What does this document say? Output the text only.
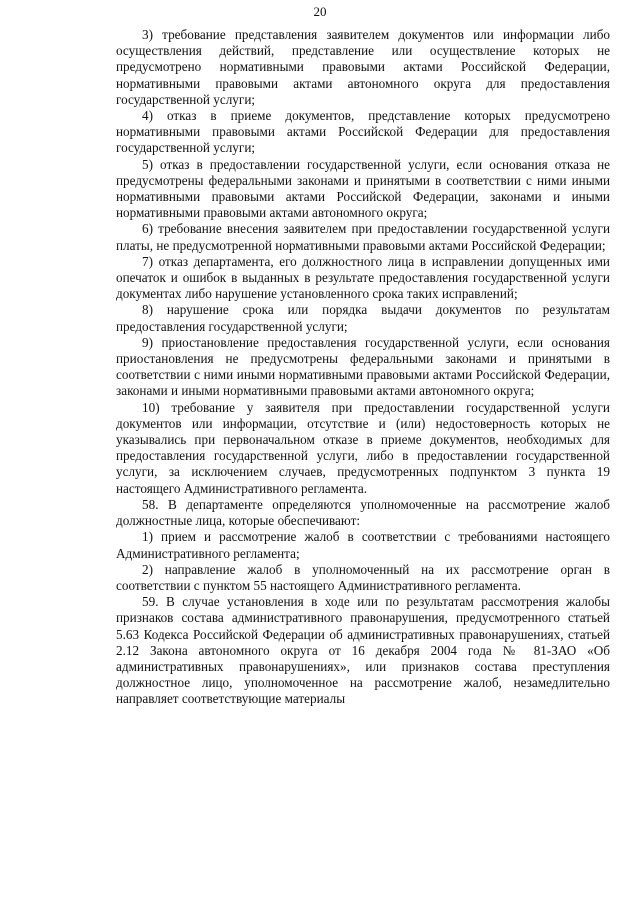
20

3) требование представления заявителем документов или информации либо осуществления действий, представление или осуществление которых не предусмотрено нормативными правовыми актами Российской Федерации, нормативными правовыми актами автономного округа для предоставления государственной услуги;

4) отказ в приеме документов, представление которых предусмотрено нормативными правовыми актами Российской Федерации для предоставления государственной услуги;

5) отказ в предоставлении государственной услуги, если основания отказа не предусмотрены федеральными законами и принятыми в соответствии с ними иными нормативными правовыми актами Российской Федерации, законами и иными нормативными правовыми актами автономного округа;

6) требование внесения заявителем при предоставлении государственной услуги платы, не предусмотренной нормативными правовыми актами Российской Федерации;

7) отказ департамента, его должностного лица в исправлении допущенных ими опечаток и ошибок в выданных в результате предоставления государственной услуги документах либо нарушение установленного срока таких исправлений;

8) нарушение срока или порядка выдачи документов по результатам предоставления государственной услуги;

9) приостановление предоставления государственной услуги, если основания приостановления не предусмотрены федеральными законами и принятыми в соответствии с ними иными нормативными правовыми актами Российской Федерации, законами и иными нормативными правовыми актами автономного округа;

10) требование у заявителя при предоставлении государственной услуги документов или информации, отсутствие и (или) недостоверность которых не указывались при первоначальном отказе в приеме документов, необходимых для предоставления государственной услуги, либо в предоставлении государственной услуги, за исключением случаев, предусмотренных подпунктом 3 пункта 19 настоящего Административного регламента.

58. В департаменте определяются уполномоченные на рассмотрение жалоб должностные лица, которые обеспечивают:

1) прием и рассмотрение жалоб в соответствии с требованиями настоящего Административного регламента;

2) направление жалоб в уполномоченный на их рассмотрение орган в соответствии с пунктом 55 настоящего Административного регламента.

59. В случае установления в ходе или по результатам рассмотрения жалобы признаков состава административного правонарушения, предусмотренного статьей 5.63 Кодекса Российской Федерации об административных правонарушениях, статьей 2.12 Закона автономного округа от 16 декабря 2004 года № 81-ЗАО «Об административных правонарушениях», или признаков состава преступления должностное лицо, уполномоченное на рассмотрение жалоб, незамедлительно направляет соответствующие материалы
